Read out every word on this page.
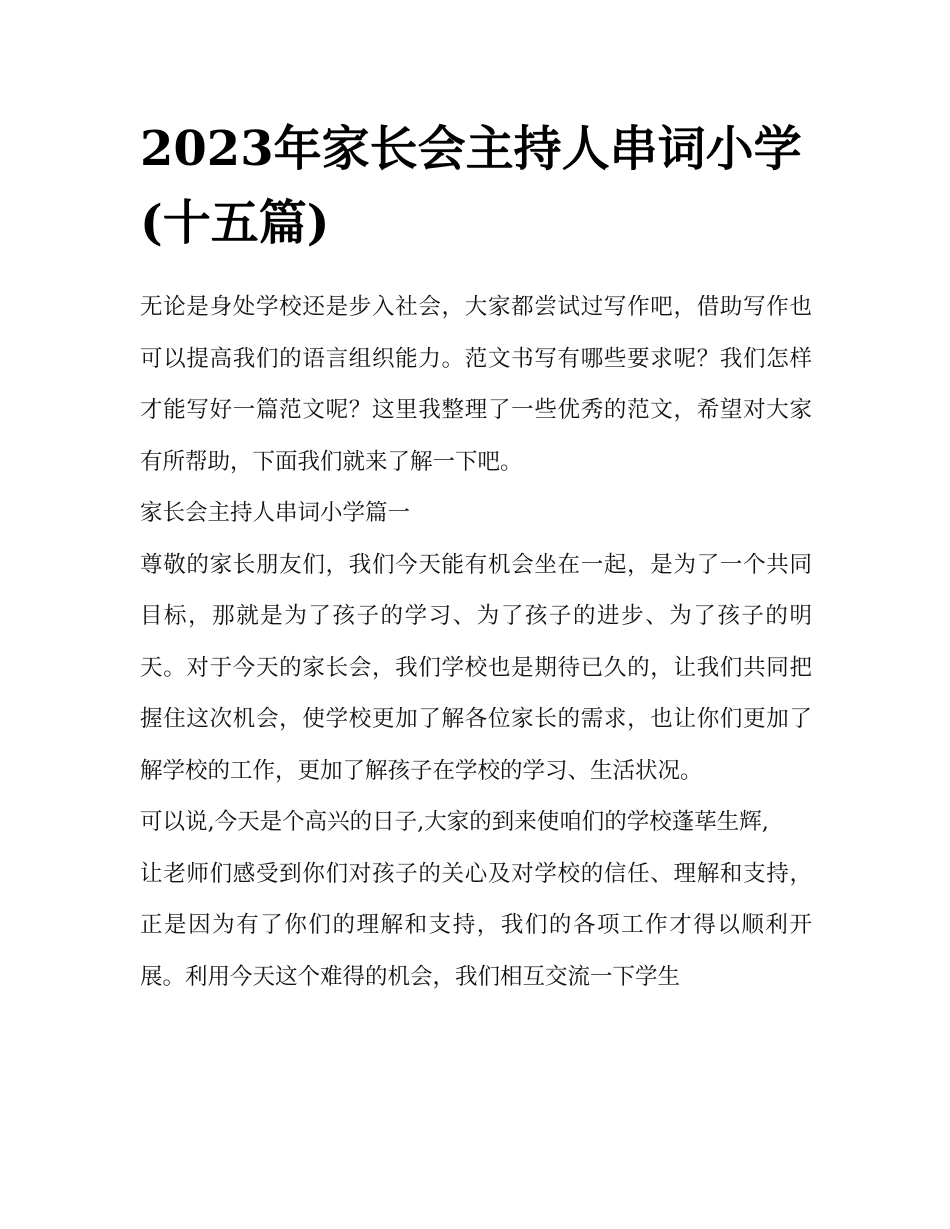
2023年家长会主持人串词小学(十五篇)

无论是身处学校还是步入社会，大家都尝试过写作吧，借助写作也可以提高我们的语言组织能力。范文书写有哪些要求呢？我们怎样才能写好一篇范文呢？这里我整理了一些优秀的范文，希望对大家有所帮助，下面我们就来了解一下吧。

家长会主持人串词小学篇一

尊敬的家长朋友们，我们今天能有机会坐在一起，是为了一个共同目标，那就是为了孩子的学习、为了孩子的进步、为了孩子的明天。对于今天的家长会，我们学校也是期待已久的，让我们共同把握住这次机会，使学校更加了解各位家长的需求，也让你们更加了解学校的工作，更加了解孩子在学校的学习、生活状况。

可以说,今天是个高兴的日子,大家的到来使咱们的学校蓬荜生辉,

让老师们感受到你们对孩子的关心及对学校的信任、理解和支持，正是因为有了你们的理解和支持，我们的各项工作才得以顺利开展。利用今天这个难得的机会，我们相互交流一下学生
